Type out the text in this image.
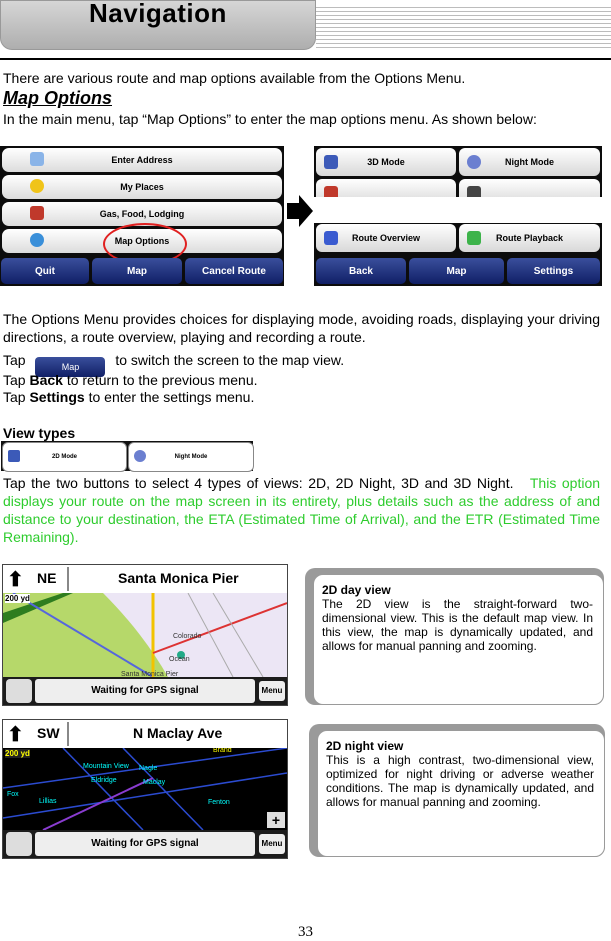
Navigation
There are various route and map options available from the Options Menu.
Map Options
In the main menu, tap “Map Options” to enter the map options menu. As shown below:
Enter Address
My Places
Gas, Food, Lodging
Map Options
Quit	Map	Cancel Route
3D Mode	Night Mode
Route Overview	Route Playback
Back	Map	Settings
The Options Menu provides choices for displaying mode, avoiding roads, displaying your driving directions, a route overview, playing and recording a route.
Tap	Map	to switch the screen to the map view.
Tap Back to return to the previous menu.
Tap Settings to enter the settings menu.
View types
2D Mode	Night Mode
Tap the two buttons to select 4 types of views: 2D, 2D Night, 3D and 3D Night. This option displays your route on the map screen in its entirety, plus details such as the address of and distance to your destination, the ETA (Estimated Time of Arrival), and the ETR (Estimated Time Remaining).
⬆ NE	Santa Monica Pier
Colorado
Ocean
Santa Monica Pier
200 yd
Waiting for GPS signal	Menu
2D day view
The 2D view is the straight-forward two-dimensional view. This is the default map view. In this view, the map is dynamically updated, and allows for manual panning and zooming.
⬆ SW	N Maclay Ave
Brand
Mountain View
Fox
Eldridge
Lillias
Maclay
Nagle
Fenton
200 yd
+
Waiting for GPS signal	Menu
2D night view
This is a high contrast, two-dimensional view, optimized for night driving or adverse weather conditions. The map is dynamically updated, and allows for manual panning and zooming.
33
